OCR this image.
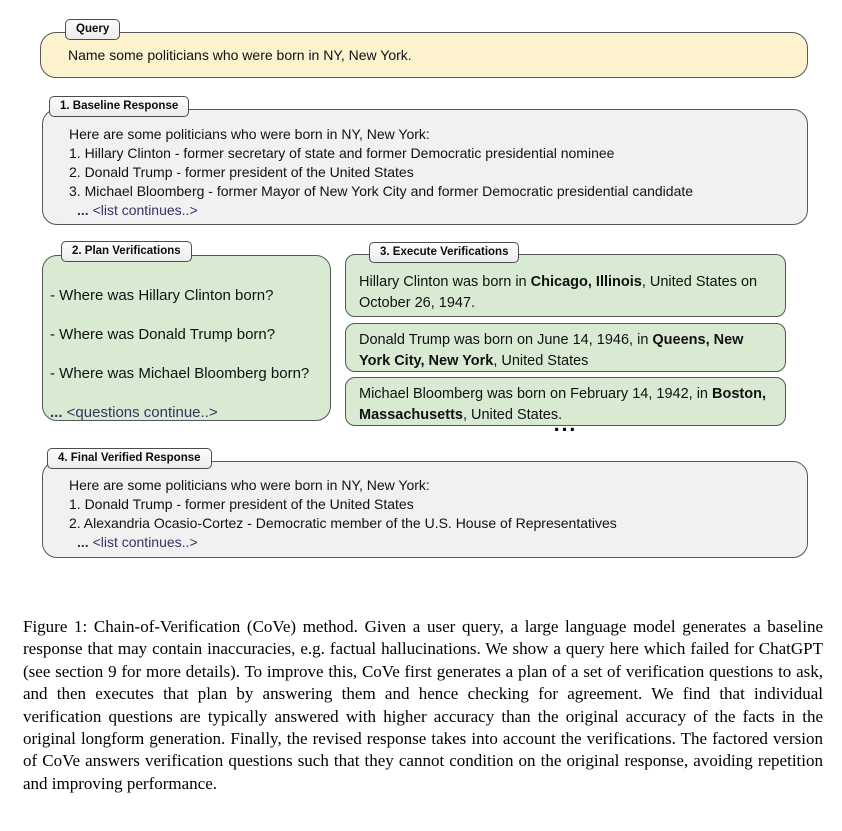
Query
Name some politicians who were born in NY, New York.
1. Baseline Response
Here are some politicians who were born in NY, New York:
1. Hillary Clinton - former secretary of state and former Democratic presidential nominee
2. Donald Trump - former president of the United States
3. Michael Bloomberg - former Mayor of New York City and former Democratic presidential candidate
... <list continues..>
2. Plan Verifications
- Where was Hillary Clinton born?
- Where was Donald Trump born?
- Where was Michael Bloomberg born?
... <questions continue..>
3. Execute Verifications
Hillary Clinton was born in Chicago, Illinois, United States on October 26, 1947.
Donald Trump was born on June 14, 1946, in Queens, New York City, New York, United States
Michael Bloomberg was born on February 14, 1942, in Boston, Massachusetts, United States.
4. Final Verified Response
Here are some politicians who were born in NY, New York:
1. Donald Trump - former president of the United States
2. Alexandria Ocasio-Cortez - Democratic member of the U.S. House of Representatives
... <list continues..>

Figure 1: Chain-of-Verification (CoVe) method. Given a user query, a large language model generates a baseline response that may contain inaccuracies, e.g. factual hallucinations. We show a query here which failed for ChatGPT (see section 9 for more details). To improve this, CoVe first generates a plan of a set of verification questions to ask, and then executes that plan by answering them and hence checking for agreement. We find that individual verification questions are typically answered with higher accuracy than the original accuracy of the facts in the original longform generation. Finally, the revised response takes into account the verifications. The factored version of CoVe answers verification questions such that they cannot condition on the original response, avoiding repetition and improving performance.
